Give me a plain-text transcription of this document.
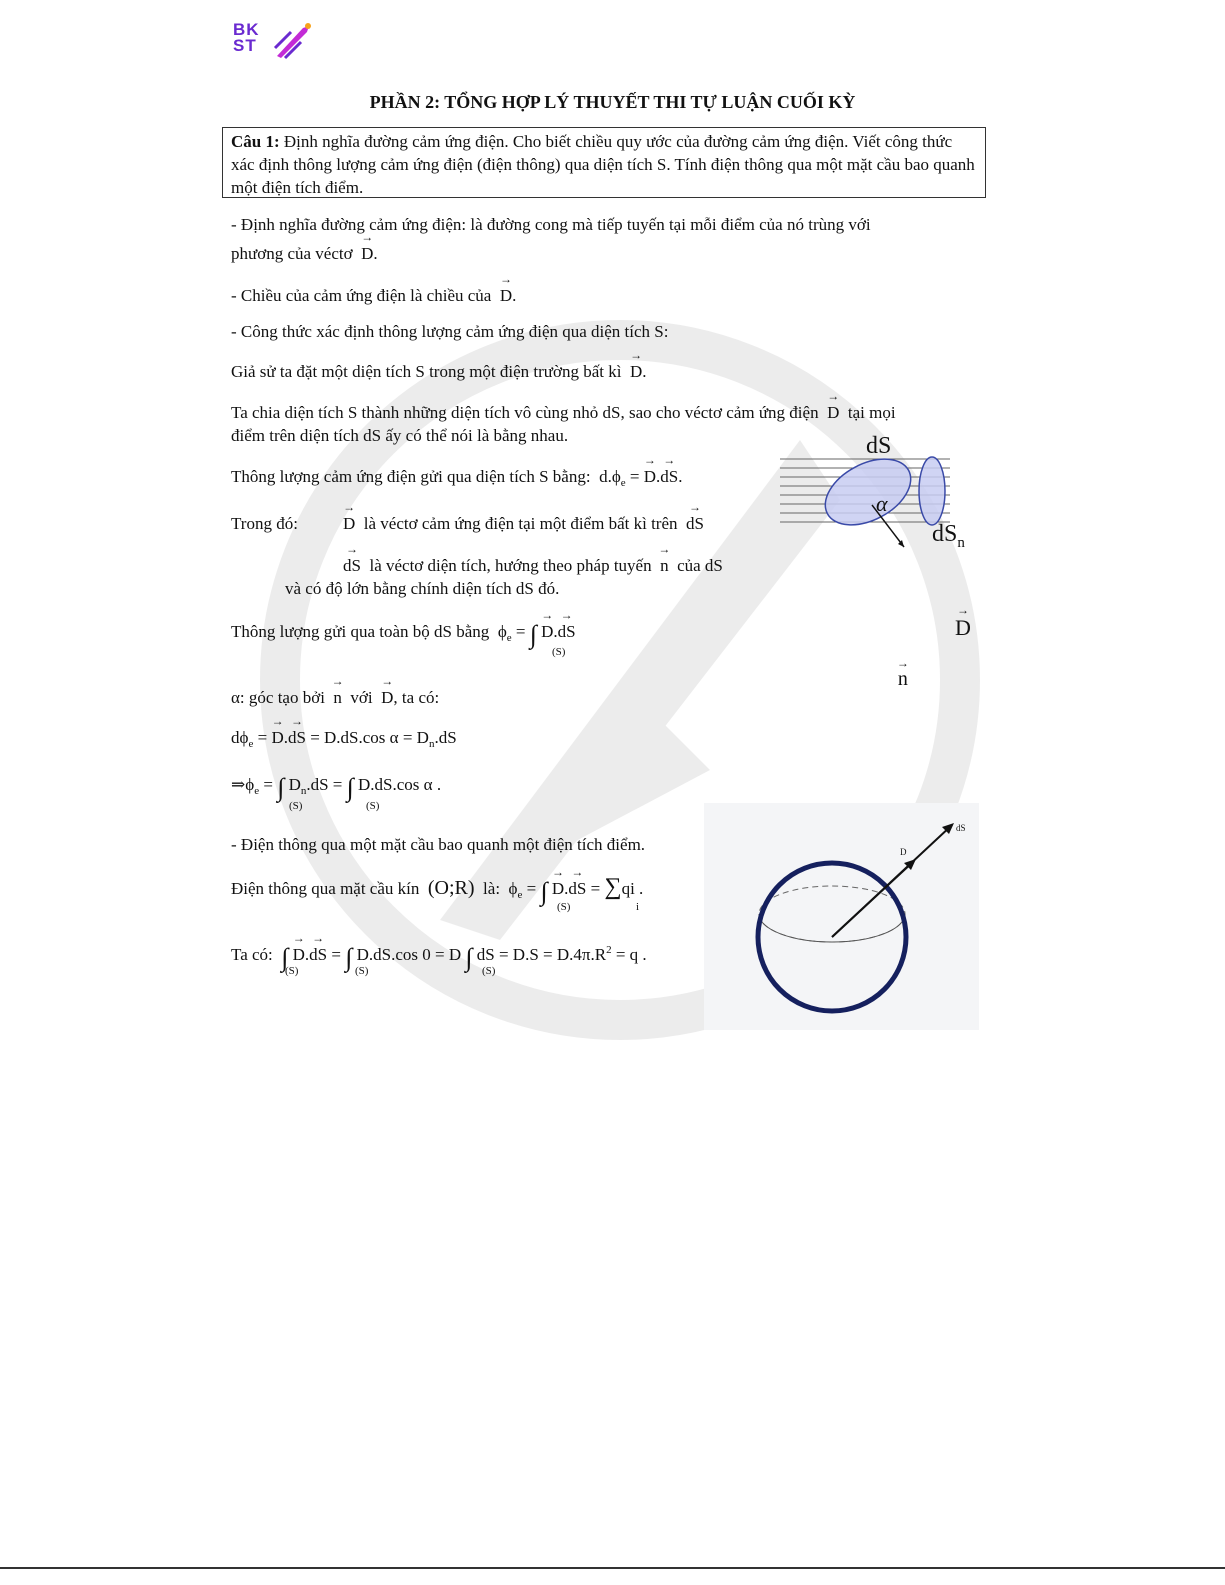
BK
ST
PHẦN 2: TỔNG HỢP LÝ THUYẾT THI TỰ LUẬN CUỐI KỲ
Câu 1: Định nghĩa đường cảm ứng điện. Cho biết chiều quy ước của đường cảm ứng điện. Viết công thức xác định thông lượng cảm ứng điện (điện thông) qua diện tích S. Tính điện thông qua một mặt cầu bao quanh một điện tích điểm.
- Định nghĩa đường cảm ứng điện: là đường cong mà tiếp tuyến tại mỗi điểm của nó trùng với
phương của véctơ → D.
- Chiều của cảm ứng điện là chiều của → D.
- Công thức xác định thông lượng cảm ứng điện qua diện tích S:
Giả sử ta đặt một diện tích S trong một điện trường bất kì → D.
Ta chia diện tích S thành những diện tích vô cùng nhỏ dS, sao cho véctơ cảm ứng điện → D tại mọi
điểm trên diện tích dS ấy có thể nói là bằng nhau.
Thông lượng cảm ứng điện gửi qua diện tích S bằng: $d.\phi_e$ = → D.→ dS.
Trong đó:	→ D là véctơ cảm ứng điện tại một điểm bất kì trên → dS
→ dS là véctơ diện tích, hướng theo pháp tuyến → n của dS
và có độ lớn bằng chính diện tích dS đó.
Thông lượng gửi qua toàn bộ dS bằng $\phi_e$ = ∫ → D.→ dS
(S)
α: góc tạo bởi → n với → D, ta có:
$d\phi_e$ = → D.→ dS = D.dS.cos $\alpha = D_n.dS$
$\Rightarrow\phi_e$ = ∫ $D_n.dS$ = ∫ D.dS.cos α .
(S)	(S)
- Điện thông qua một mặt cầu bao quanh một điện tích điểm.
Điện thông qua mặt cầu kín (O;R) là: $\phi_e$ = ∫ → D.→ dS = ∑qi .
(S)	i
Ta có: ∫ → D.→ dS = ∫ D.dS.cos 0 = D ∫ dS = $D.S = D.4\pi.R^2 = q$ .
(S)	(S)	(S)

dS
α
→ D
$dS_n$
→ n
D
dS
